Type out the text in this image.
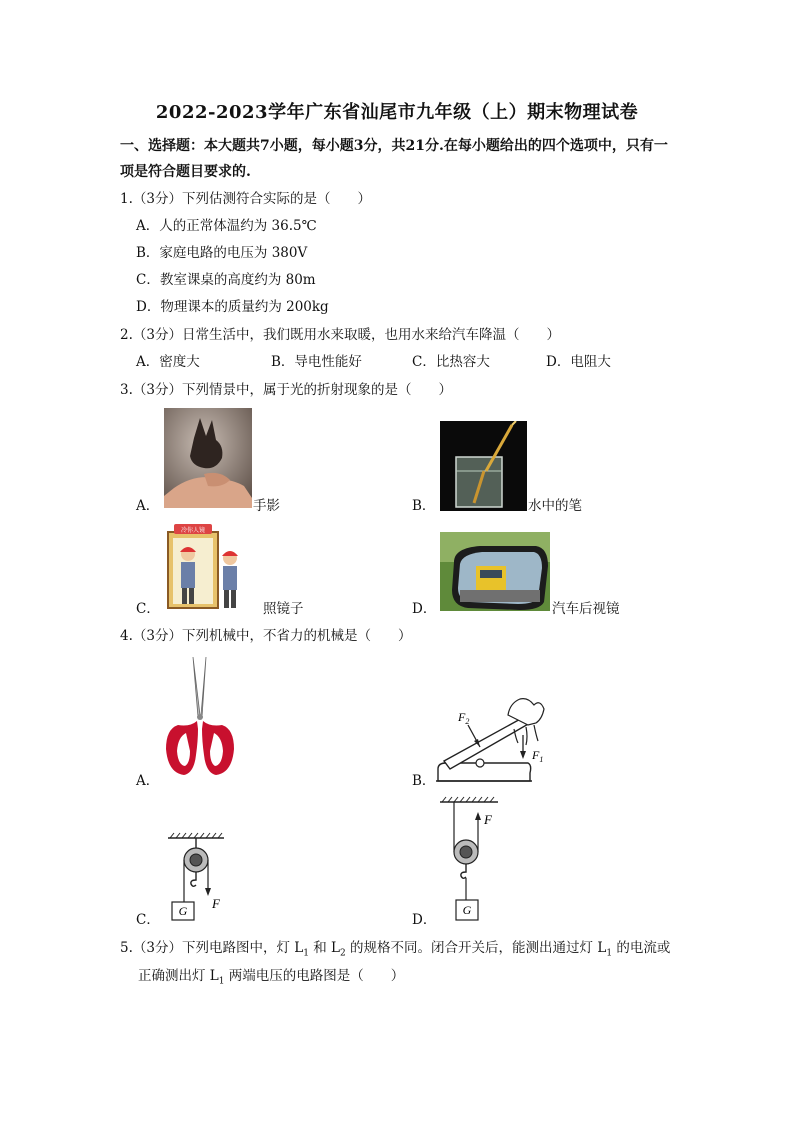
2022-2023学年广东省汕尾市九年级（上）期末物理试卷
一、选择题：本大题共7小题，每小题3分，共21分.在每小题给出的四个选项中，只有一
项是符合题目要求的.
1.（3分）下列估测符合实际的是（　　）
A．人的正常体温约为 36.5℃
B．家庭电路的电压为 380V
C．教室课桌的高度约为 80m
D．物理课本的质量约为 200kg
2.（3分）日常生活中，我们既用水来取暖，也用水来给汽车降温（　　）
A．密度大	B．导电性能好	C．比热容大	D．电阻大
3.（3分）下列情景中，属于光的折射现象的是（　　）
A．	手影	B．	水中的笔
冷你人镜
C．	照镜子	D．	汽车后视镜
4.（3分）下列机械中，不省力的机械是（　　）
A．
$F_2$
$F_1$
B．
G F
C．
G
F
D．
5.（3分）下列电路图中，灯 $L_1$ 和 $L_2$ 的规格不同。闭合开关后，能测出通过灯 $L_1$ 的电流或
正确测出灯 $L_1$ 两端电压的电路图是（　　）
